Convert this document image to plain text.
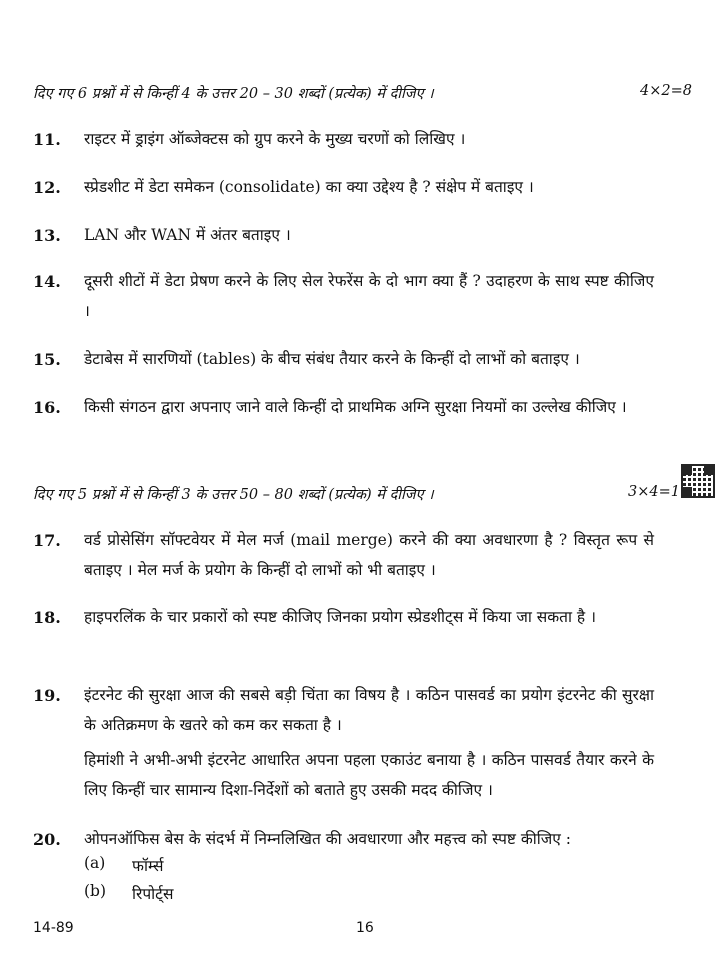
दिए गए 6 प्रश्नों में से किन्हीं 4 के उत्तर 20 – 30 शब्दों (प्रत्येक) में दीजिए ।	4×2=8
11.	राइटर में ड्राइंग ऑब्जेक्टस को ग्रुप करने के मुख्य चरणों को लिखिए ।
12.	स्प्रेडशीट में डेटा समेकन (consolidate) का क्या उद्देश्य है ? संक्षेप में बताइए ।
13.	LAN और WAN में अंतर बताइए ।
14.	दूसरी शीटों में डेटा प्रेषण करने के लिए सेल रेफरेंस के दो भाग क्या हैं ? उदाहरण के साथ स्पष्ट कीजिए ।
15.	डेटाबेस में सारणियों (tables) के बीच संबंध तैयार करने के किन्हीं दो लाभों को बताइए ।
16.	किसी संगठन द्वारा अपनाए जाने वाले किन्हीं दो प्राथमिक अग्नि सुरक्षा नियमों का उल्लेख कीजिए ।
दिए गए 5 प्रश्नों में से किन्हीं 3 के उत्तर 50 – 80 शब्दों (प्रत्येक) में दीजिए ।	3×4=1
17.	वर्ड प्रोसेसिंग सॉफ्टवेयर में मेल मर्ज (mail merge) करने की क्या अवधारणा है ? विस्तृत रूप से बताइए । मेल मर्ज के प्रयोग के किन्हीं दो लाभों को भी बताइए ।
18.	हाइपरलिंक के चार प्रकारों को स्पष्ट कीजिए जिनका प्रयोग स्प्रेडशीट्स में किया जा सकता है ।
19.	इंटरनेट की सुरक्षा आज की सबसे बड़ी चिंता का विषय है । कठिन पासवर्ड का प्रयोग इंटरनेट की सुरक्षा के अतिक्रमण के खतरे को कम कर सकता है ।
हिमांशी ने अभी-अभी इंटरनेट आधारित अपना पहला एकाउंट बनाया है । कठिन पासवर्ड तैयार करने के लिए किन्हीं चार सामान्य दिशा-निर्देशों को बताते हुए उसकी मदद कीजिए ।
20.	ओपनऑफिस बेस के संदर्भ में निम्नलिखित की अवधारणा और महत्त्व को स्पष्ट कीजिए :
(a) फॉर्म्स
(b) रिपोर्ट्स
14-89	16
